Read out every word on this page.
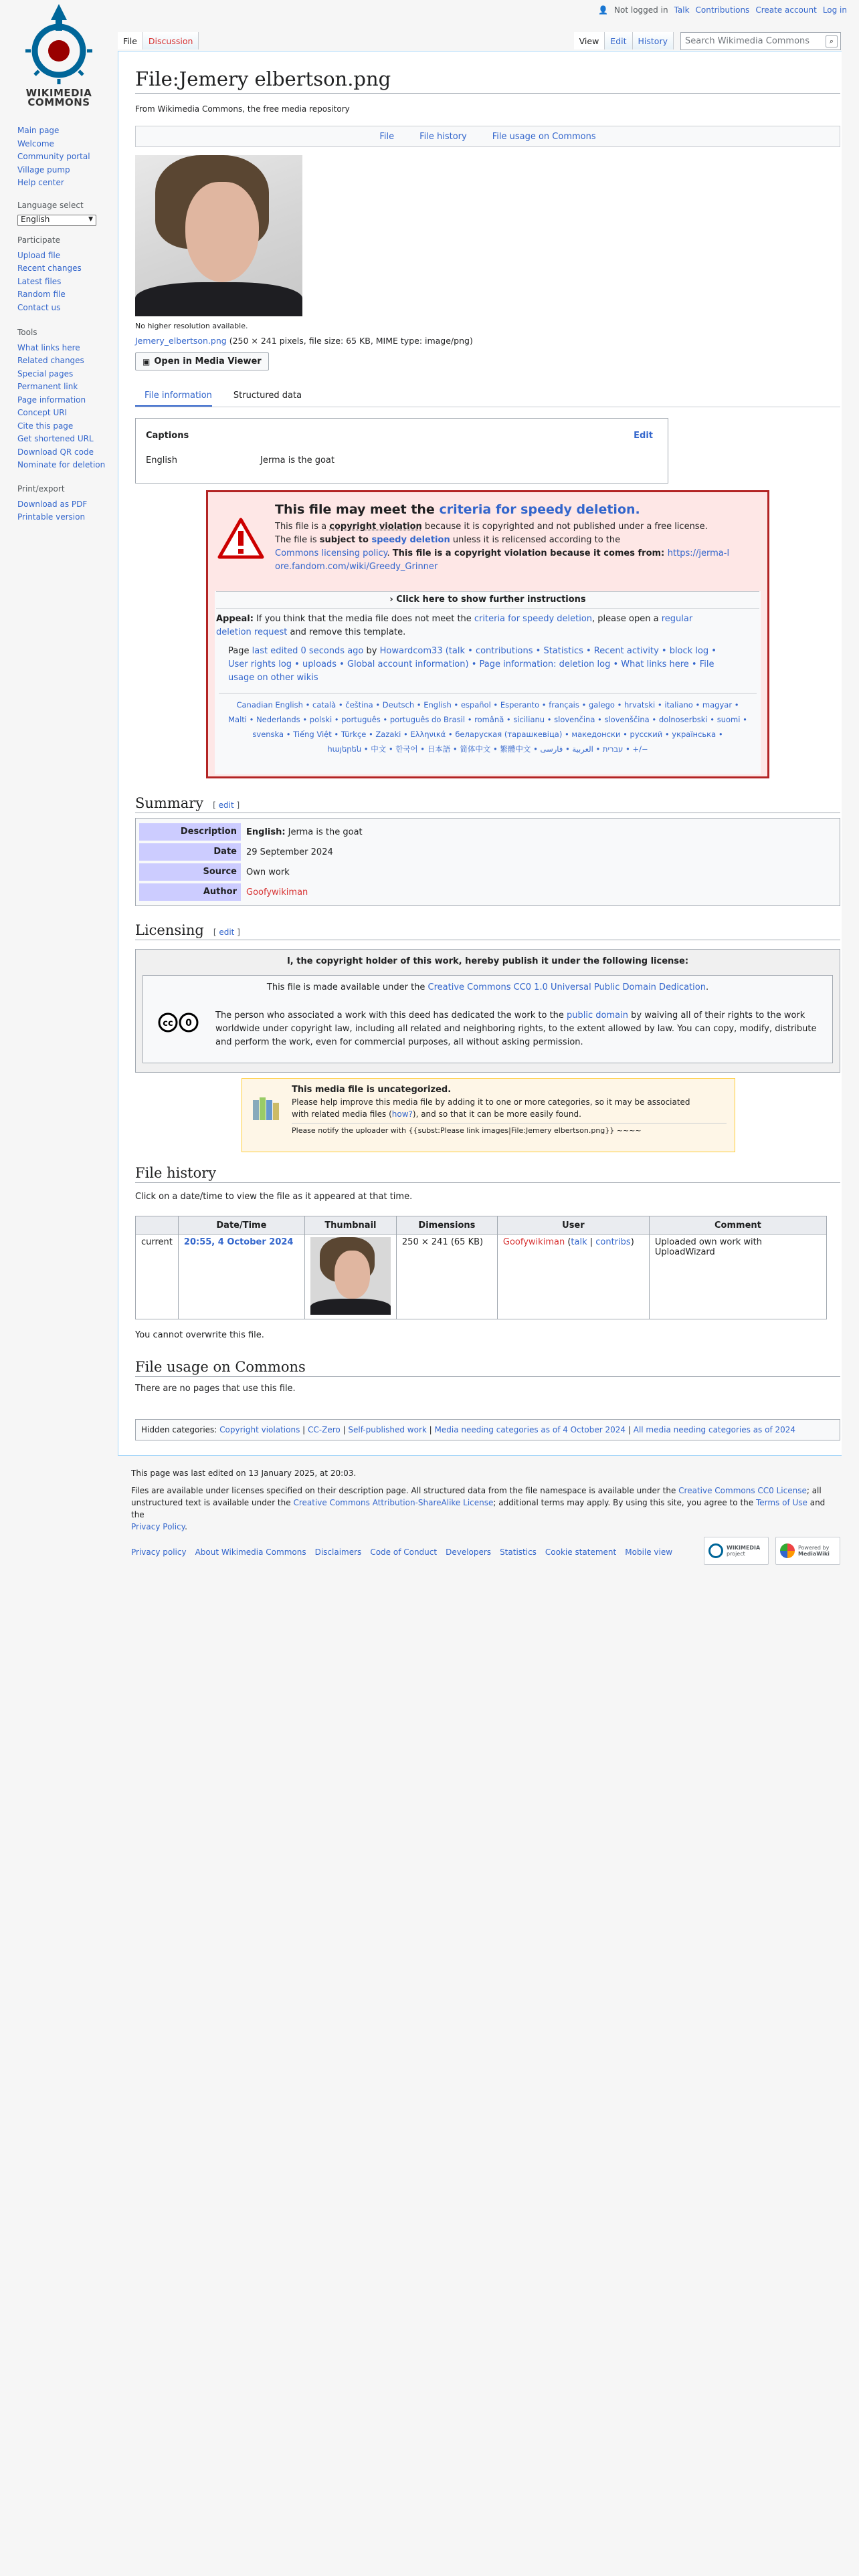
WIKIMEDIA COMMONS
Main page
Welcome
Community portal
Village pump
Help center
Language select
English	▼
Participate
Upload file
Recent changes
Latest files
Random file
Contact us
Tools
What links here
Related changes
Special pages
Permanent link
Page information
Concept URI
Cite this page
Get shortened URL
Download QR code
Nominate for deletion
Print/export
Download as PDF
Printable version
👤 Not logged in Talk Contributions Create account Log in
File	Discussion	View	Edit	History	Search Wikimedia Commons	⌕
File:Jemery elbertson.png
From Wikimedia Commons, the free media repository
File	File history	File usage on Commons
No higher resolution available.
Jemery_elbertson.png (250 × 241 pixels, file size: 65 KB, MIME type: image/png)
▣ Open in Media Viewer
File information Structured data
Captions	Edit
English	Jerma is the goat
This file may meet the criteria for speedy deletion.
This file is a copyright violation because it is copyrighted and not published under a free license.
The file is subject to speedy deletion unless it is relicensed according to the
Commons licensing policy. This file is a copyright violation because it comes from: https://jerma-l
ore.fandom.com/wiki/Greedy_Grinner
› Click here to show further instructions
Appeal: If you think that the media file does not meet the criteria for speedy deletion, please open a regular
deletion request and remove this template.
Page last edited 0 seconds ago by Howardcom33 (talk • contributions • Statistics • Recent activity • block log •
User rights log • uploads • Global account information) • Page information: deletion log • What links here • File
usage on other wikis
Canadian English • català • čeština • Deutsch • English • español • Esperanto • français • galego • hrvatski • italiano • magyar •
Malti • Nederlands • polski • português • português do Brasil • română • sicilianu • slovenčina • slovenščina • dolnoserbski • suomi •
svenska • Tiếng Việt • Türkçe • Zazaki • Ελληνικά • беларуская (тарашкевіца) • македонски • русский • українська •
հայերեն • 中文 • 한국어 • 日本語 • 简体中文 • 繁體中文 • עברית • العربية • فارسی • +/−
Summary [ edit ]
Description	English: Jerma is the goat
Date	29 September 2024
Source	Own work
Author	Goofywikiman
Licensing [ edit ]
I, the copyright holder of this work, hereby publish it under the following license:
This file is made available under the Creative Commons CC0 1.0 Universal Public Domain Dedication.
cc 0
The person who associated a work with this deed has dedicated the work to the public domain by waiving all of their rights to the work worldwide under copyright law, including all related and neighboring rights, to the extent allowed by law. You can copy, modify, distribute and perform the work, even for commercial purposes, all without asking permission.
This media file is uncategorized.
Please help improve this media file by adding it to one or more categories, so it may be associated
with related media files (how?), and so that it can be more easily found.
Please notify the uploader with {{subst:Please link images|File:Jemery elbertson.png}} ~~~~
File history
Click on a date/time to view the file as it appeared at that time.
	Date/Time	Thumbnail	Dimensions	User	Comment
current	20:55, 4 October 2024		250 × 241 (65 KB)	Goofywikiman (talk | contribs)	Uploaded own work with UploadWizard
You cannot overwrite this file.
File usage on Commons
There are no pages that use this file.
Hidden categories: Copyright violations | CC-Zero | Self-published work | Media needing categories as of 4 October 2024 | All media needing categories as of 2024
This page was last edited on 13 January 2025, at 20:03.
Files are available under licenses specified on their description page. All structured data from the file namespace is available under the Creative Commons CC0 License; all
unstructured text is available under the Creative Commons Attribution-ShareAlike License; additional terms may apply. By using this site, you agree to the Terms of Use and the
Privacy Policy.
Privacy policy About Wikimedia Commons Disclaimers Code of Conduct Developers Statistics Cookie statement Mobile view	WIKIMEDIA
project
Powered by
MediaWiki
